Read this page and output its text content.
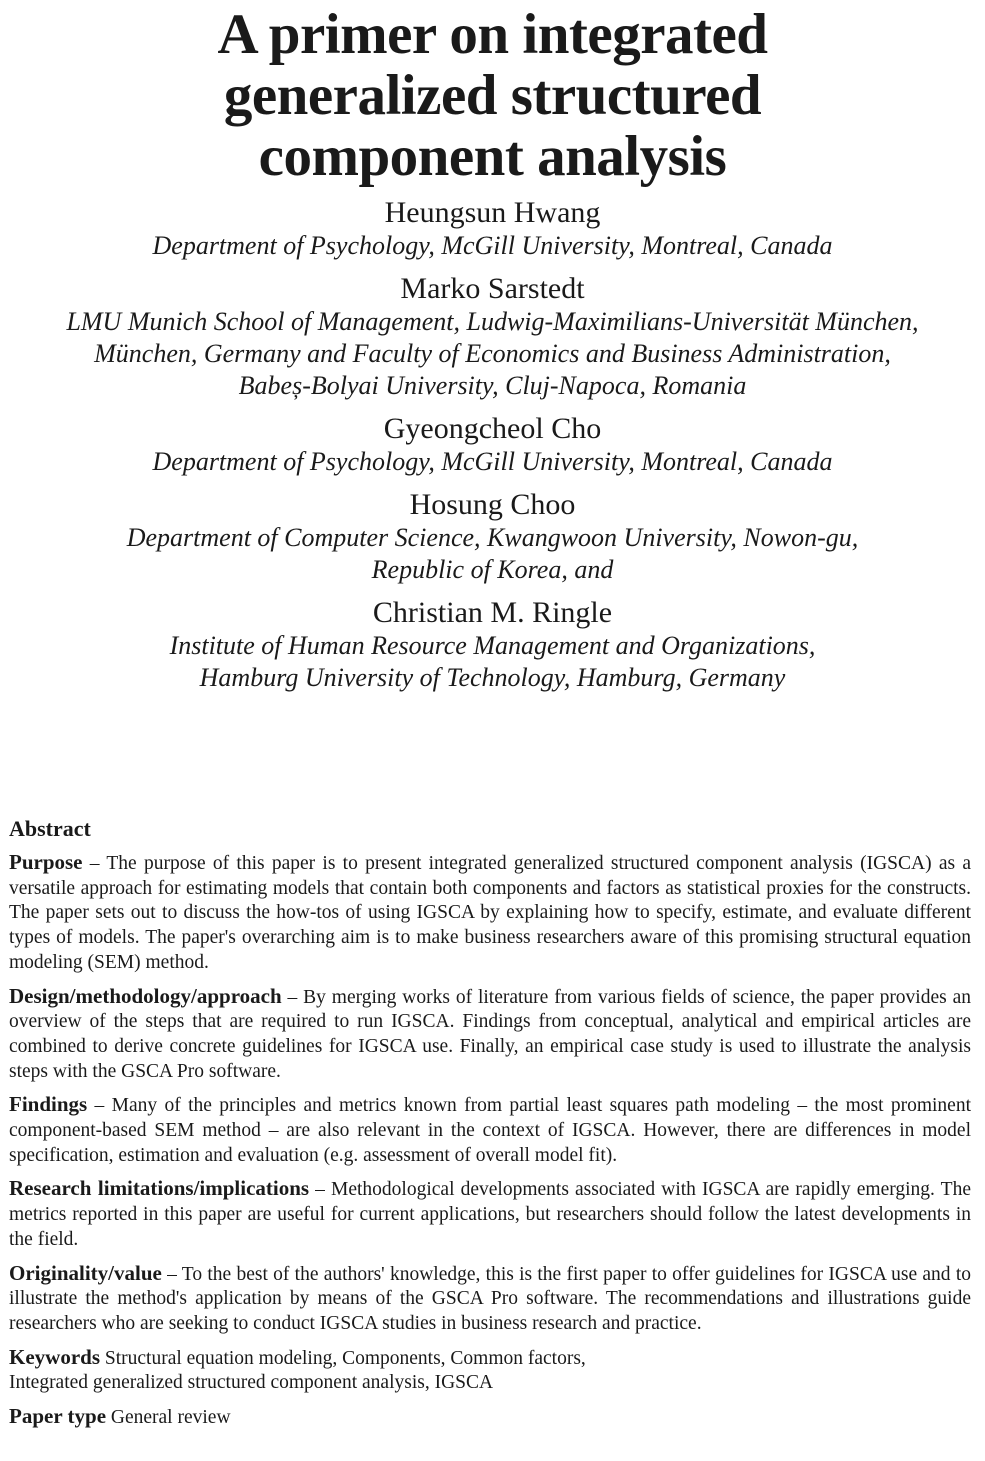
A primer on integrated
generalized structured
component analysis

Heungsun Hwang

Department of Psychology, McGill University, Montreal, Canada

Marko Sarstedt

LMU Munich School of Management, Ludwig-Maximilians-Universität München,
München, Germany and Faculty of Economics and Business Administration,
Babeș-Bolyai University, Cluj-Napoca, Romania

Gyeongcheol Cho

Department of Psychology, McGill University, Montreal, Canada

Hosung Choo

Department of Computer Science, Kwangwoon University, Nowon-gu,
Republic of Korea, and

Christian M. Ringle

Institute of Human Resource Management and Organizations,
Hamburg University of Technology, Hamburg, Germany

Abstract

Purpose – The purpose of this paper is to present integrated generalized structured component analysis (IGSCA) as a versatile approach for estimating models that contain both components and factors as statistical proxies for the constructs. The paper sets out to discuss the how-tos of using IGSCA by explaining how to specify, estimate, and evaluate different types of models. The paper's overarching aim is to make business researchers aware of this promising structural equation modeling (SEM) method.

Design/methodology/approach – By merging works of literature from various fields of science, the paper provides an overview of the steps that are required to run IGSCA. Findings from conceptual, analytical and empirical articles are combined to derive concrete guidelines for IGSCA use. Finally, an empirical case study is used to illustrate the analysis steps with the GSCA Pro software.

Findings – Many of the principles and metrics known from partial least squares path modeling – the most prominent component-based SEM method – are also relevant in the context of IGSCA. However, there are differences in model specification, estimation and evaluation (e.g. assessment of overall model fit).

Research limitations/implications – Methodological developments associated with IGSCA are rapidly emerging. The metrics reported in this paper are useful for current applications, but researchers should follow the latest developments in the field.

Originality/value – To the best of the authors' knowledge, this is the first paper to offer guidelines for IGSCA use and to illustrate the method's application by means of the GSCA Pro software. The recommendations and illustrations guide researchers who are seeking to conduct IGSCA studies in business research and practice.

Keywords Structural equation modeling, Components, Common factors,
Integrated generalized structured component analysis, IGSCA

Paper type General review
